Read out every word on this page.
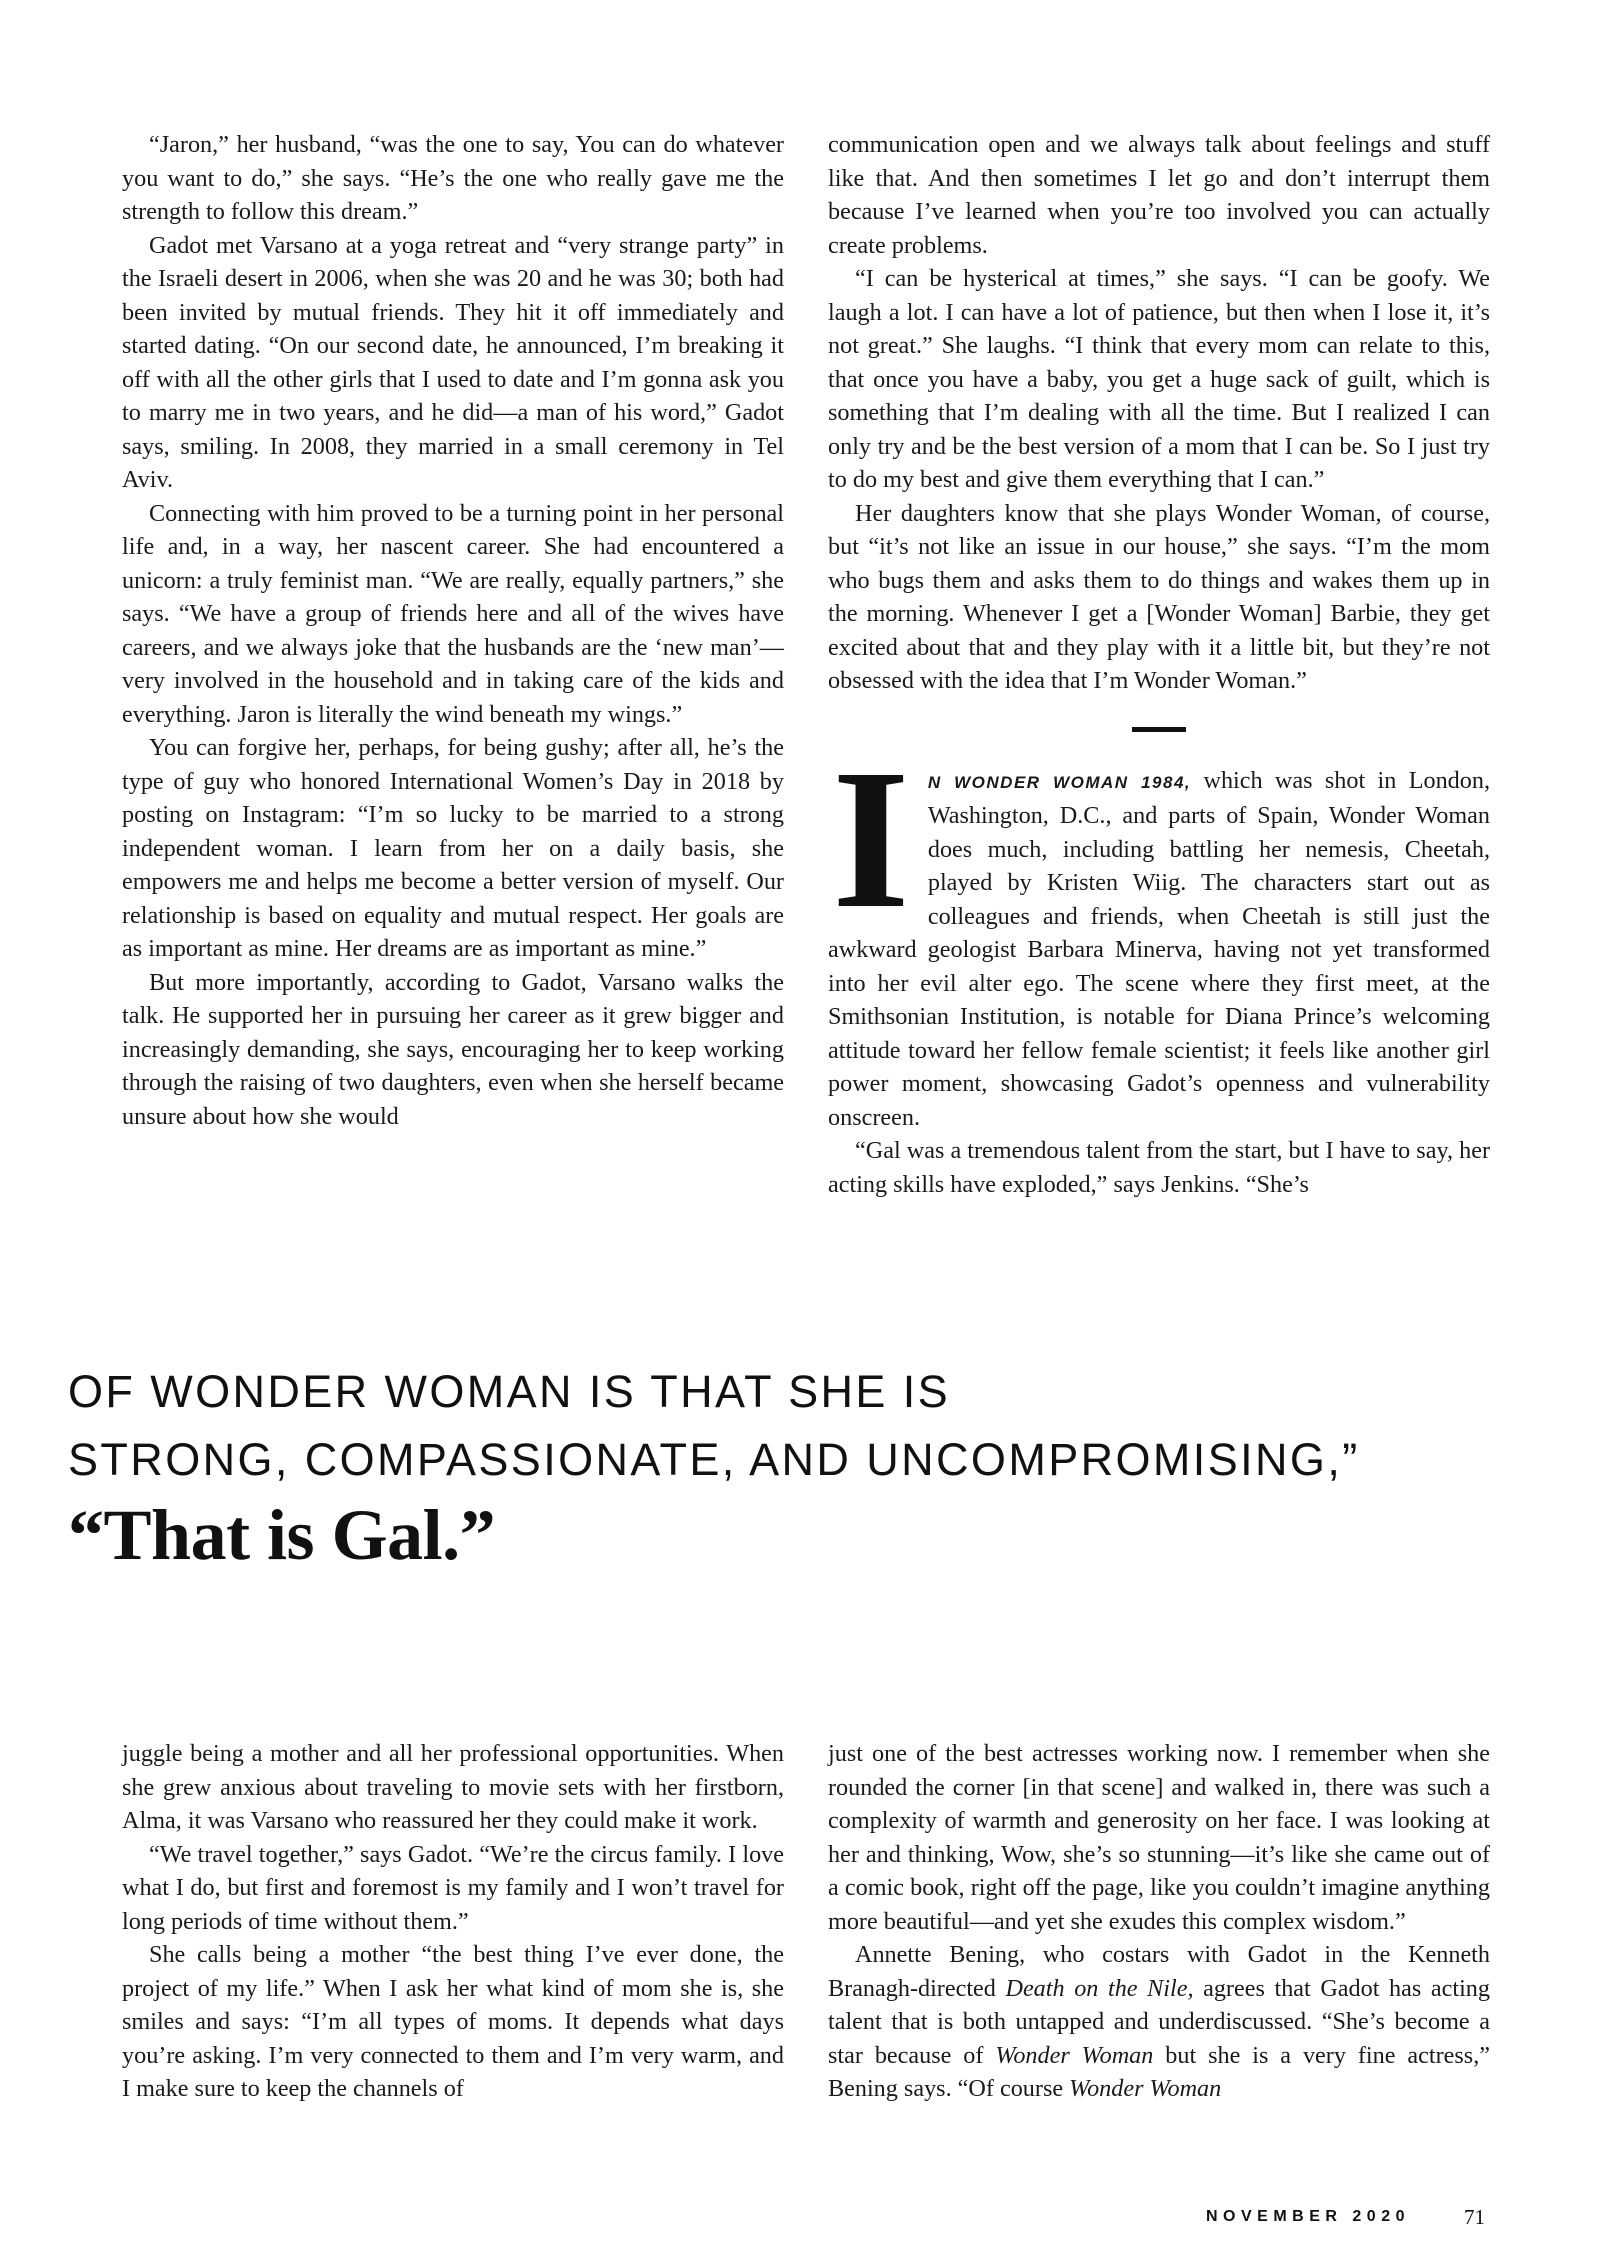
“Jaron,” her husband, “was the one to say, You can do whatever you want to do,” she says. “He’s the one who really gave me the strength to follow this dream.”

Gadot met Varsano at a yoga retreat and “very strange party” in the Israeli desert in 2006, when she was 20 and he was 30; both had been invited by mutual friends. They hit it off immediately and started dating. “On our second date, he announced, I’m breaking it off with all the other girls that I used to date and I’m gonna ask you to marry me in two years, and he did—a man of his word,” Gadot says, smiling. In 2008, they married in a small ceremony in Tel Aviv.

Connecting with him proved to be a turning point in her personal life and, in a way, her nascent career. She had encountered a unicorn: a truly feminist man. “We are really, equally partners,” she says. “We have a group of friends here and all of the wives have careers, and we always joke that the husbands are the ‘new man’—very involved in the household and in taking care of the kids and everything. Jaron is literally the wind beneath my wings.”

You can forgive her, perhaps, for being gushy; after all, he’s the type of guy who honored International Women’s Day in 2018 by posting on Instagram: “I’m so lucky to be married to a strong independent woman. I learn from her on a daily basis, she empowers me and helps me become a better version of myself. Our relationship is based on equality and mutual respect. Her goals are as important as mine. Her dreams are as important as mine.”

But more importantly, according to Gadot, Varsano walks the talk. He supported her in pursuing her career as it grew bigger and increasingly demanding, she says, encouraging her to keep working through the raising of two daughters, even when she herself became unsure about how she would

communication open and we always talk about feelings and stuff like that. And then sometimes I let go and don’t interrupt them because I’ve learned when you’re too involved you can actually create problems.

“I can be hysterical at times,” she says. “I can be goofy. We laugh a lot. I can have a lot of patience, but then when I lose it, it’s not great.” She laughs. “I think that every mom can relate to this, that once you have a baby, you get a huge sack of guilt, which is something that I’m dealing with all the time. But I realized I can only try and be the best version of a mom that I can be. So I just try to do my best and give them everything that I can.”

Her daughters know that she plays Wonder Woman, of course, but “it’s not like an issue in our house,” she says. “I’m the mom who bugs them and asks them to do things and wakes them up in the morning. Whenever I get a [Wonder Woman] Barbie, they get excited about that and they play with it a little bit, but they’re not obsessed with the idea that I’m Wonder Woman.”

I N WONDER WOMAN 1984, which was shot in London, Washington, D.C., and parts of Spain, Wonder Woman does much, including battling her nemesis, Cheetah, played by Kristen Wiig. The characters start out as colleagues and friends, when Cheetah is still just the awkward geologist Barbara Minerva, having not yet transformed into her evil alter ego. The scene where they first meet, at the Smithsonian Institution, is notable for Diana Prince’s welcoming attitude toward her fellow female scientist; it feels like another girl power moment, showcasing Gadot’s openness and vulnerability onscreen.

“Gal was a tremendous talent from the start, but I have to say, her acting skills have exploded,” says Jenkins. “She’s

OF WONDER WOMAN IS THAT SHE IS
STRONG, COMPASSIONATE, AND UNCOMPROMISING,”
“That is Gal.”

juggle being a mother and all her professional opportunities. When she grew anxious about traveling to movie sets with her firstborn, Alma, it was Varsano who reassured her they could make it work.

“We travel together,” says Gadot. “We’re the circus family. I love what I do, but first and foremost is my family and I won’t travel for long periods of time without them.”

She calls being a mother “the best thing I’ve ever done, the project of my life.” When I ask her what kind of mom she is, she smiles and says: “I’m all types of moms. It depends what days you’re asking. I’m very connected to them and I’m very warm, and I make sure to keep the channels of

just one of the best actresses working now. I remember when she rounded the corner [in that scene] and walked in, there was such a complexity of warmth and generosity on her face. I was looking at her and thinking, Wow, she’s so stunning—it’s like she came out of a comic book, right off the page, like you couldn’t imagine anything more beautiful—and yet she exudes this complex wisdom.”

Annette Bening, who costars with Gadot in the Kenneth Branagh-directed Death on the Nile, agrees that Gadot has acting talent that is both untapped and underdiscussed. “She’s become a star because of Wonder Woman but she is a very fine actress,” Bening says. “Of course Wonder Woman

NOVEMBER 2020	71
